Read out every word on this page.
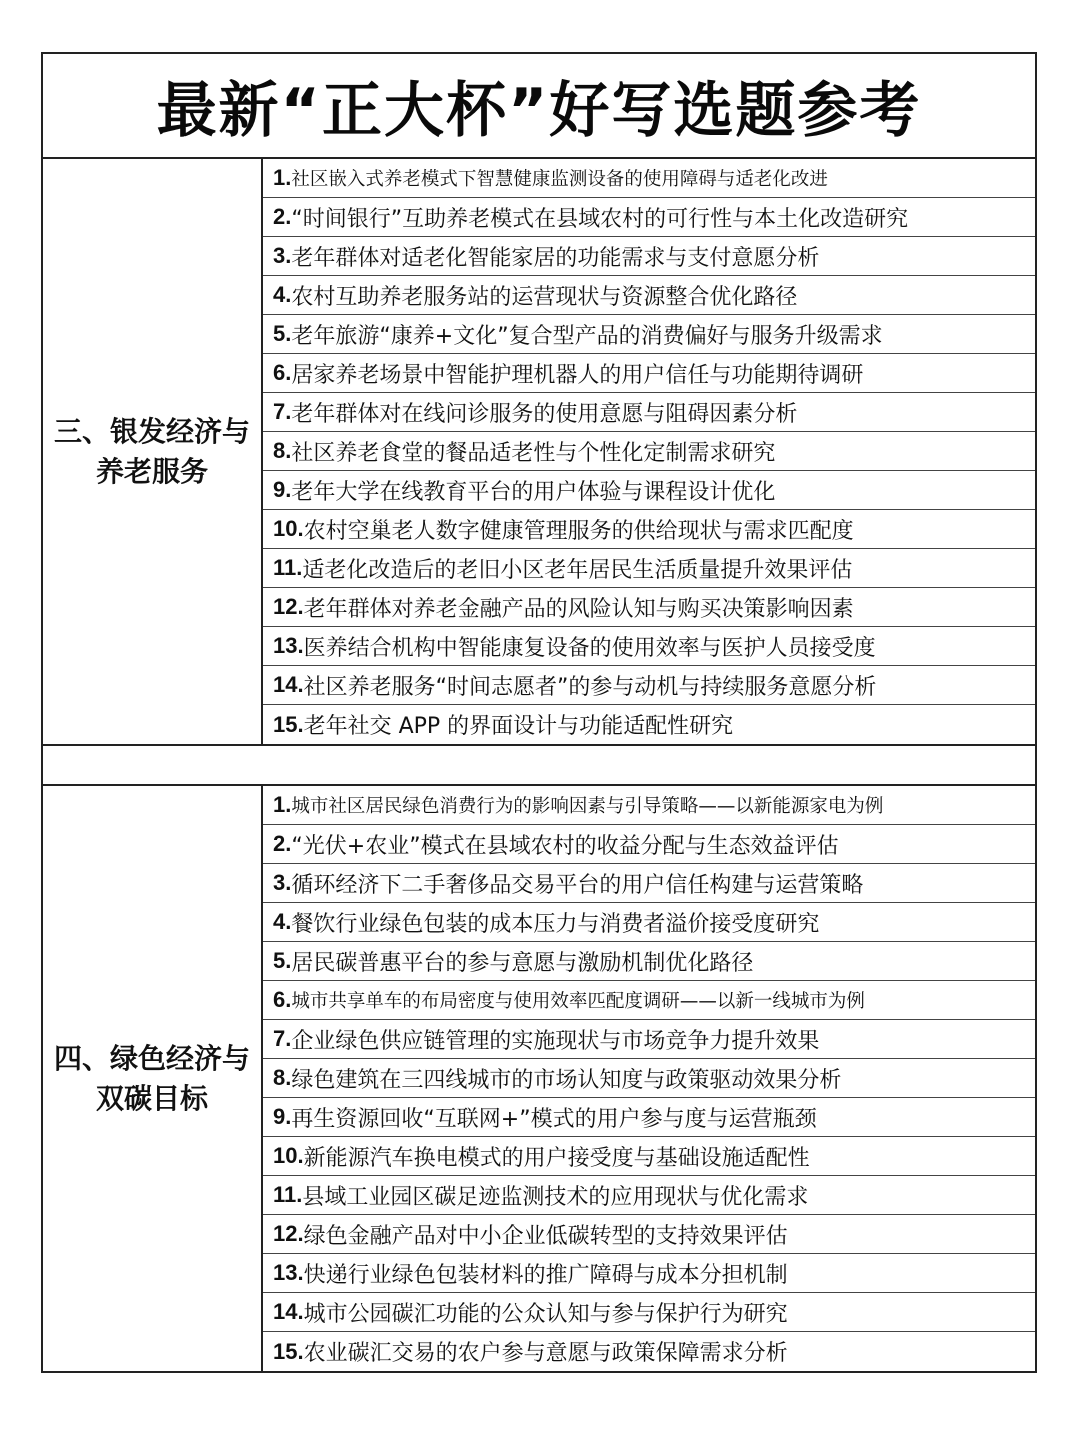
最新“正大杯”好写选题参考
三、银发经济与
养老服务
1. 社区嵌入式养老模式下智慧健康监测设备的使用障碍与适老化改进
2. “时间银行”互助养老模式在县域农村的可行性与本土化改造研究
3. 老年群体对适老化智能家居的功能需求与支付意愿分析
4. 农村互助养老服务站的运营现状与资源整合优化路径
5. 老年旅游“康养+文化”复合型产品的消费偏好与服务升级需求
6. 居家养老场景中智能护理机器人的用户信任与功能期待调研
7. 老年群体对在线问诊服务的使用意愿与阻碍因素分析
8. 社区养老食堂的餐品适老性与个性化定制需求研究
9. 老年大学在线教育平台的用户体验与课程设计优化
10. 农村空巢老人数字健康管理服务的供给现状与需求匹配度
11. 适老化改造后的老旧小区老年居民生活质量提升效果评估
12. 老年群体对养老金融产品的风险认知与购买决策影响因素
13. 医养结合机构中智能康复设备的使用效率与医护人员接受度
14. 社区养老服务“时间志愿者”的参与动机与持续服务意愿分析
15. 老年社交 APP 的界面设计与功能适配性研究
四、绿色经济与
双碳目标
1. 城市社区居民绿色消费行为的影响因素与引导策略——以新能源家电为例
2. “光伏+农业”模式在县域农村的收益分配与生态效益评估
3. 循环经济下二手奢侈品交易平台的用户信任构建与运营策略
4. 餐饮行业绿色包装的成本压力与消费者溢价接受度研究
5. 居民碳普惠平台的参与意愿与激励机制优化路径
6. 城市共享单车的布局密度与使用效率匹配度调研——以新一线城市为例
7. 企业绿色供应链管理的实施现状与市场竞争力提升效果
8. 绿色建筑在三四线城市的市场认知度与政策驱动效果分析
9. 再生资源回收“互联网+”模式的用户参与度与运营瓶颈
10. 新能源汽车换电模式的用户接受度与基础设施适配性
11. 县域工业园区碳足迹监测技术的应用现状与优化需求
12. 绿色金融产品对中小企业低碳转型的支持效果评估
13. 快递行业绿色包装材料的推广障碍与成本分担机制
14. 城市公园碳汇功能的公众认知与参与保护行为研究
15. 农业碳汇交易的农户参与意愿与政策保障需求分析
